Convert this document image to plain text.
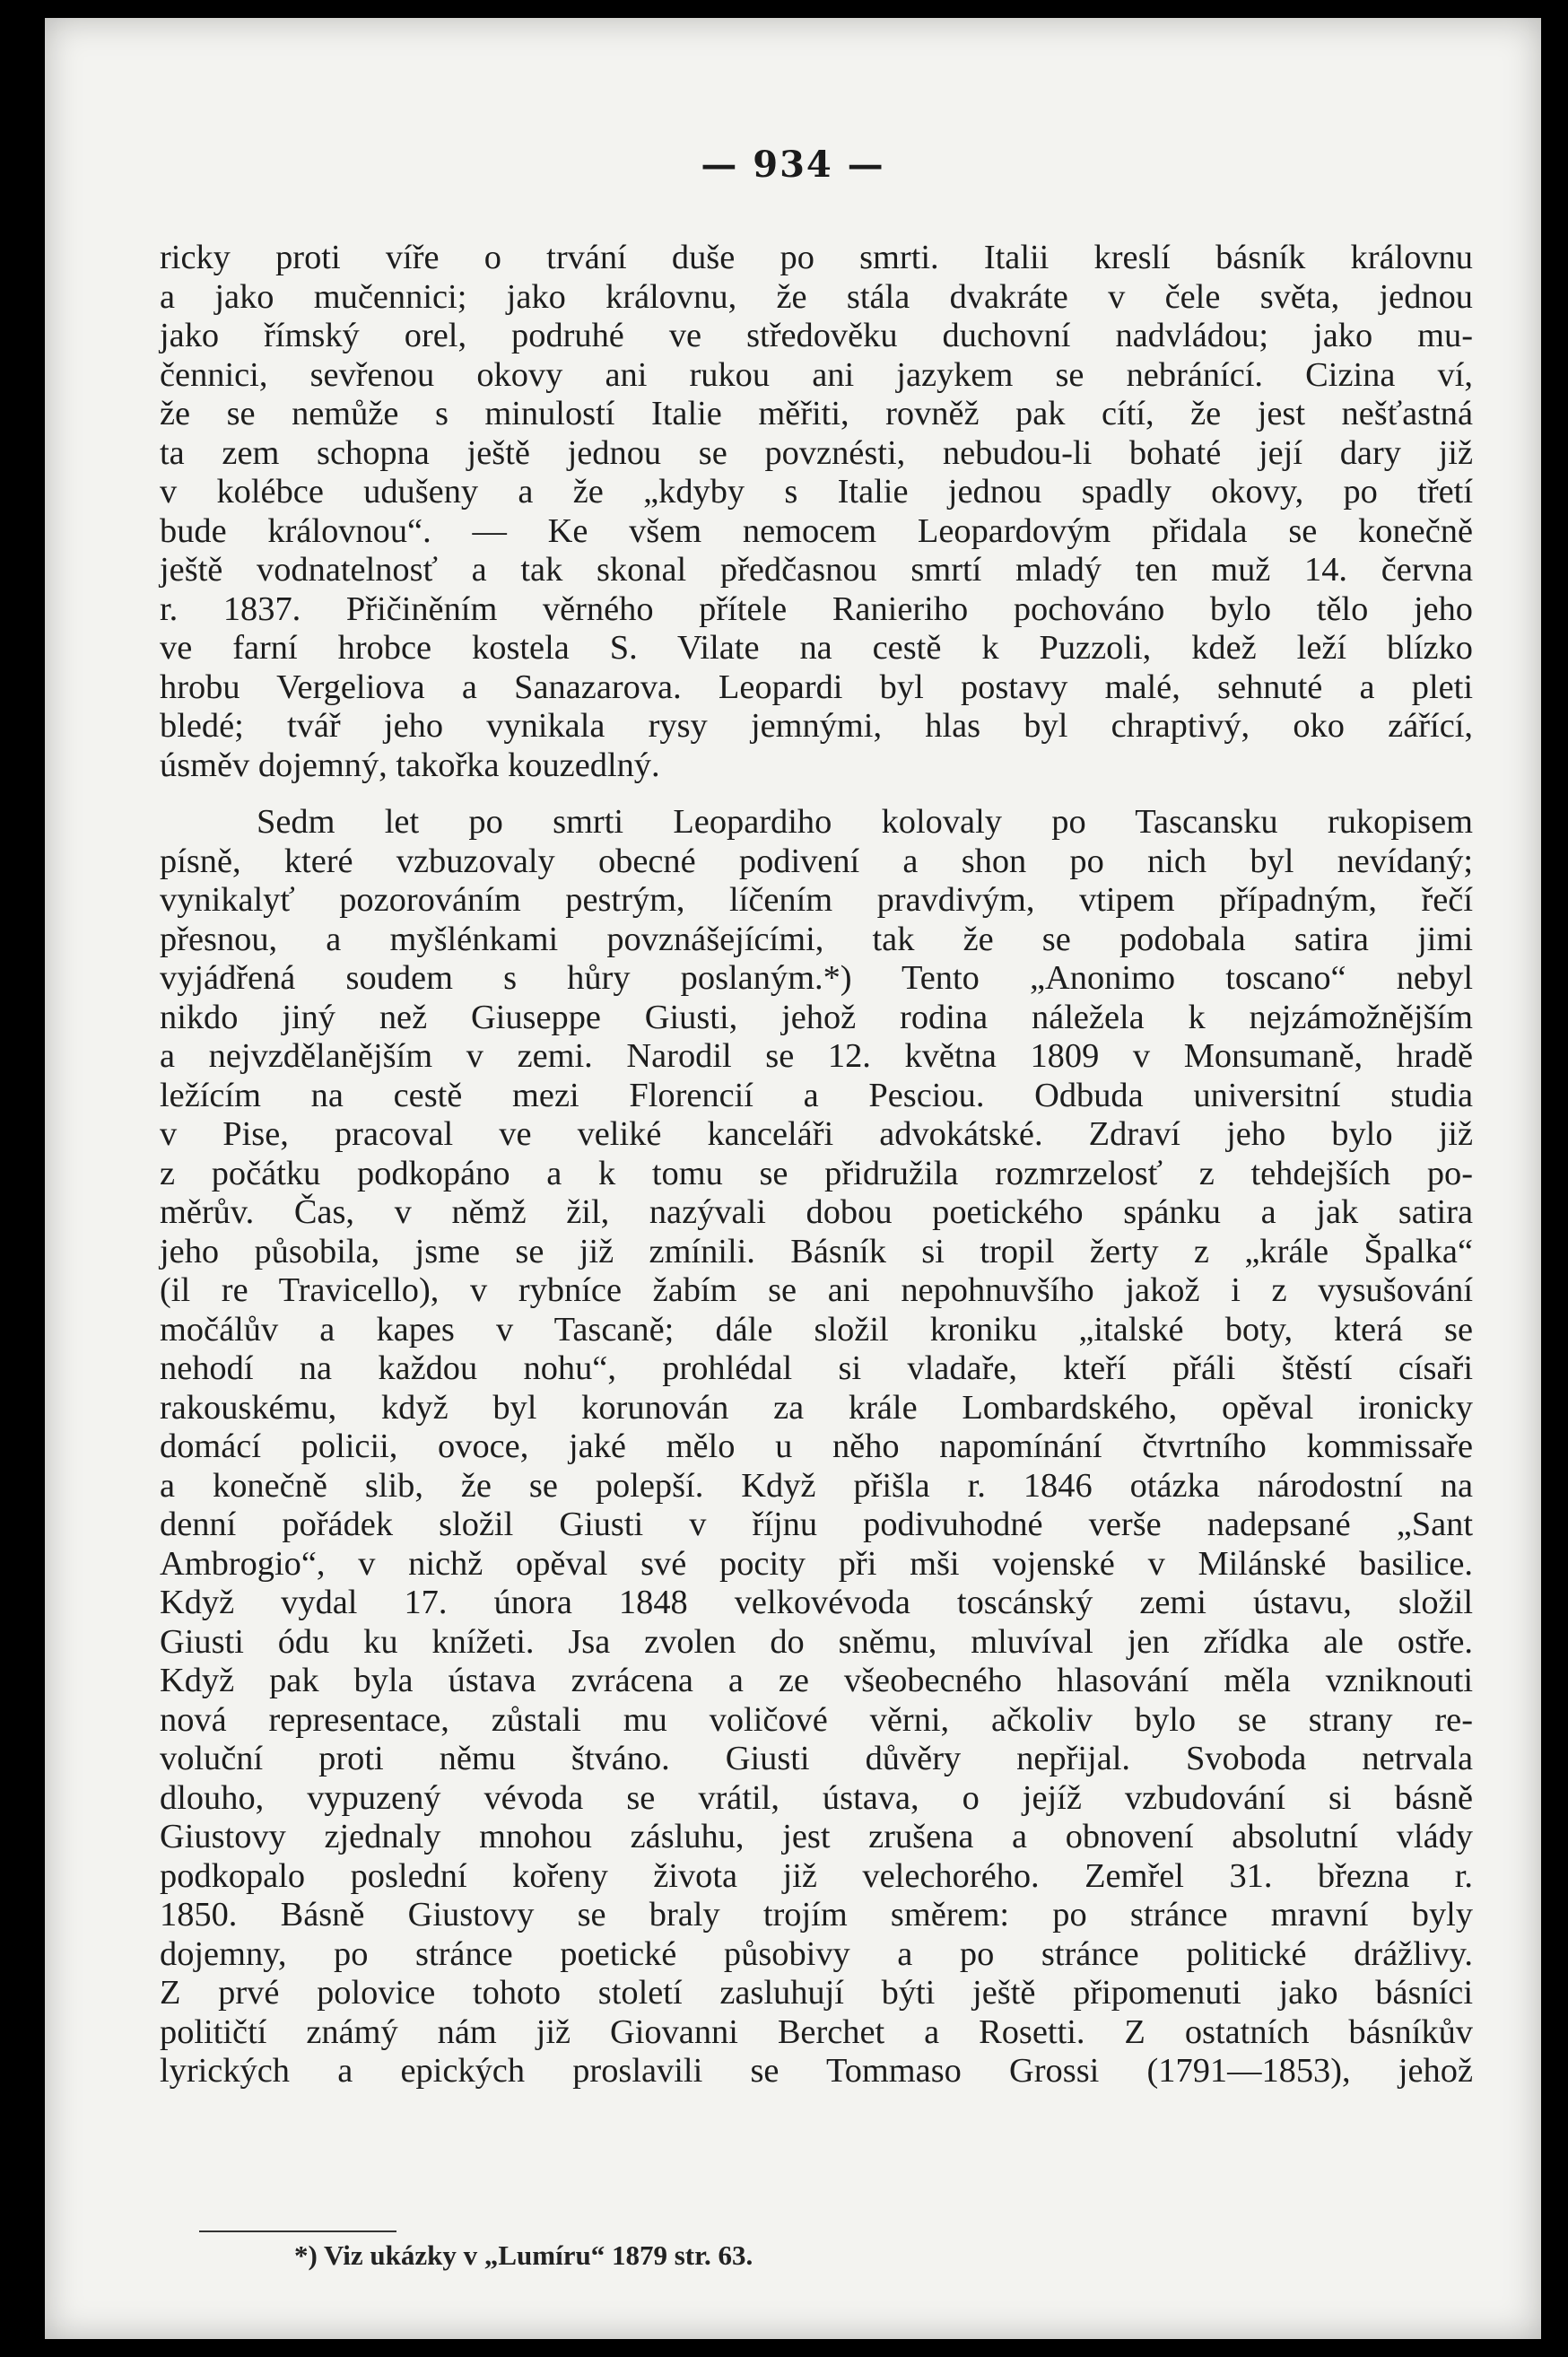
— 934 —
ricky proti víře o trvání duše po smrti. Italii kreslí básník královnu
a jako mučennici; jako královnu, že stála dvakráte v čele světa, jednou
jako římský orel, podruhé ve středověku duchovní nadvládou; jako mu-
čennici, sevřenou okovy ani rukou ani jazykem se nebránící. Cizina ví,
že se nemůže s minulostí Italie měřiti, rovněž pak cítí, že jest nešťastná
ta zem schopna ještě jednou se povznésti, nebudou-li bohaté její dary již
v kolébce udušeny a že „kdyby s Italie jednou spadly okovy, po třetí
bude královnou“. — Ke všem nemocem Leopardovým přidala se konečně
ještě vodnatelnosť a tak skonal předčasnou smrtí mladý ten muž 14. června
r. 1837. Přičiněním věrného přítele Ranieriho pochováno bylo tělo jeho
ve farní hrobce kostela S. Vilate na cestě k Puzzoli, kdež leží blízko
hrobu Vergeliova a Sanazarova. Leopardi byl postavy malé, sehnuté a pleti
bledé; tvář jeho vynikala rysy jemnými, hlas byl chraptivý, oko zářící,
úsměv dojemný, takořka kouzedlný.
Sedm let po smrti Leopardiho kolovaly po Tascansku rukopisem
písně, které vzbuzovaly obecné podivení a shon po nich byl nevídaný;
vynikalyť pozorováním pestrým, líčením pravdivým, vtipem případným, řečí
přesnou, a myšlénkami povznášejícími, tak že se podobala satira jimi
vyjádřená soudem s hůry poslaným.*) Tento „Anonimo toscano“ nebyl
nikdo jiný než Giuseppe Giusti, jehož rodina náležela k nejzámožnějším
a nejvzdělanějším v zemi. Narodil se 12. května 1809 v Monsumaně, hradě
ležícím na cestě mezi Florencií a Pesciou. Odbuda universitní studia
v Pise, pracoval ve veliké kanceláři advokátské. Zdraví jeho bylo již
z počátku podkopáno a k tomu se přidružila rozmrzelosť z tehdejších po-
měrův. Čas, v němž žil, nazývali dobou poetického spánku a jak satira
jeho působila, jsme se již zmínili. Básník si tropil žerty z „krále Špalka“
(il re Travicello), v rybníce žabím se ani nepohnuvšího jakož i z vysušování
močálův a kapes v Tascaně; dále složil kroniku „italské boty, která se
nehodí na každou nohu“, prohlédal si vladaře, kteří přáli štěstí císaři
rakouskému, když byl korunován za krále Lombardského, opěval ironicky
domácí policii, ovoce, jaké mělo u něho napomínání čtvrtního kommissaře
a konečně slib, že se polepší. Když přišla r. 1846 otázka národostní na
denní pořádek složil Giusti v říjnu podivuhodné verše nadepsané „Sant
Ambrogio“, v nichž opěval své pocity při mši vojenské v Milánské basilice.
Když vydal 17. února 1848 velkovévoda toscánský zemi ústavu, složil
Giusti ódu ku knížeti. Jsa zvolen do sněmu, mluvíval jen zřídka ale ostře.
Když pak byla ústava zvrácena a ze všeobecného hlasování měla vzniknouti
nová representace, zůstali mu voličové věrni, ačkoliv bylo se strany re-
voluční proti němu štváno. Giusti důvěry nepřijal. Svoboda netrvala
dlouho, vypuzený vévoda se vrátil, ústava, o jejíž vzbudování si básně
Giustovy zjednaly mnohou zásluhu, jest zrušena a obnovení absolutní vlády
podkopalo poslední kořeny života již velechorého. Zemřel 31. března r.
1850. Básně Giustovy se braly trojím směrem: po stránce mravní byly
dojemny, po stránce poetické působivy a po stránce politické drážlivy.
Z prvé polovice tohoto století zasluhují býti ještě připomenuti jako básníci
političtí známý nám již Giovanni Berchet a Rosetti. Z ostatních básníkův
lyrických a epických proslavili se Tommaso Grossi (1791—1853), jehož
*) Viz ukázky v „Lumíru“ 1879 str. 63.
